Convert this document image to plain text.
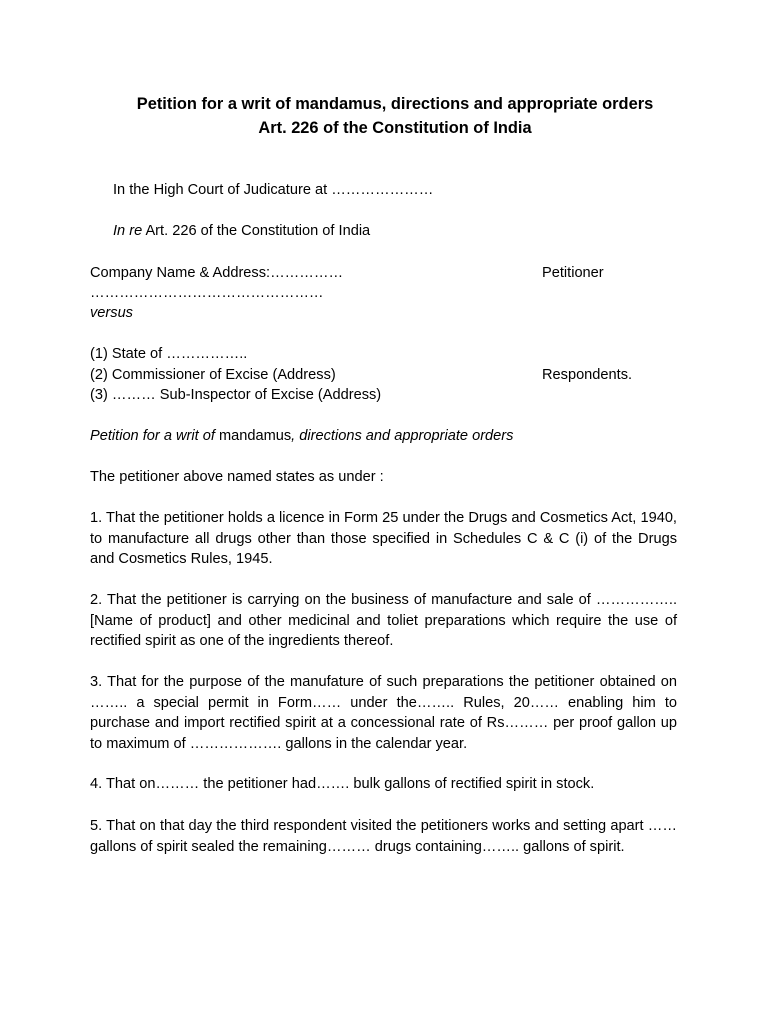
Petition for a writ of mandamus, directions and appropriate orders
Art. 226 of the Constitution of India
In the High Court of Judicature at …………………
In re Art. 226 of the Constitution of India
Company Name & Address:……………	Petitioner
…………………………………………
versus
(1) State of ……………..
(2) Commissioner of Excise (Address)	Respondents.
(3) ……… Sub-Inspector of Excise (Address)
Petition for a writ of mandamus, directions and appropriate orders
The petitioner above named states as under :
1. That the petitioner holds a licence in Form 25 under the Drugs and Cosmetics Act, 1940, to manufacture all drugs other than those specified in Schedules C & C (i) of the Drugs and Cosmetics Rules, 1945.
2. That the petitioner is carrying on the business of manufacture and sale of …………….. [Name of product] and other medicinal and toliet preparations which require the use of rectified spirit as one of the ingredients thereof.
3. That for the purpose of the manufature of such preparations the petitioner obtained on …….. a special permit in Form…… under the…….. Rules, 20…… enabling him to purchase and import rectified spirit at a concessional rate of Rs……… per proof gallon up to maximum of ………………. gallons in the calendar year.
4. That on……… the petitioner had……. bulk gallons of rectified spirit in stock.
5. That on that day the third respondent visited the petitioners works and setting apart …… gallons of spirit sealed the remaining……… drugs containing…….. gallons of spirit.
